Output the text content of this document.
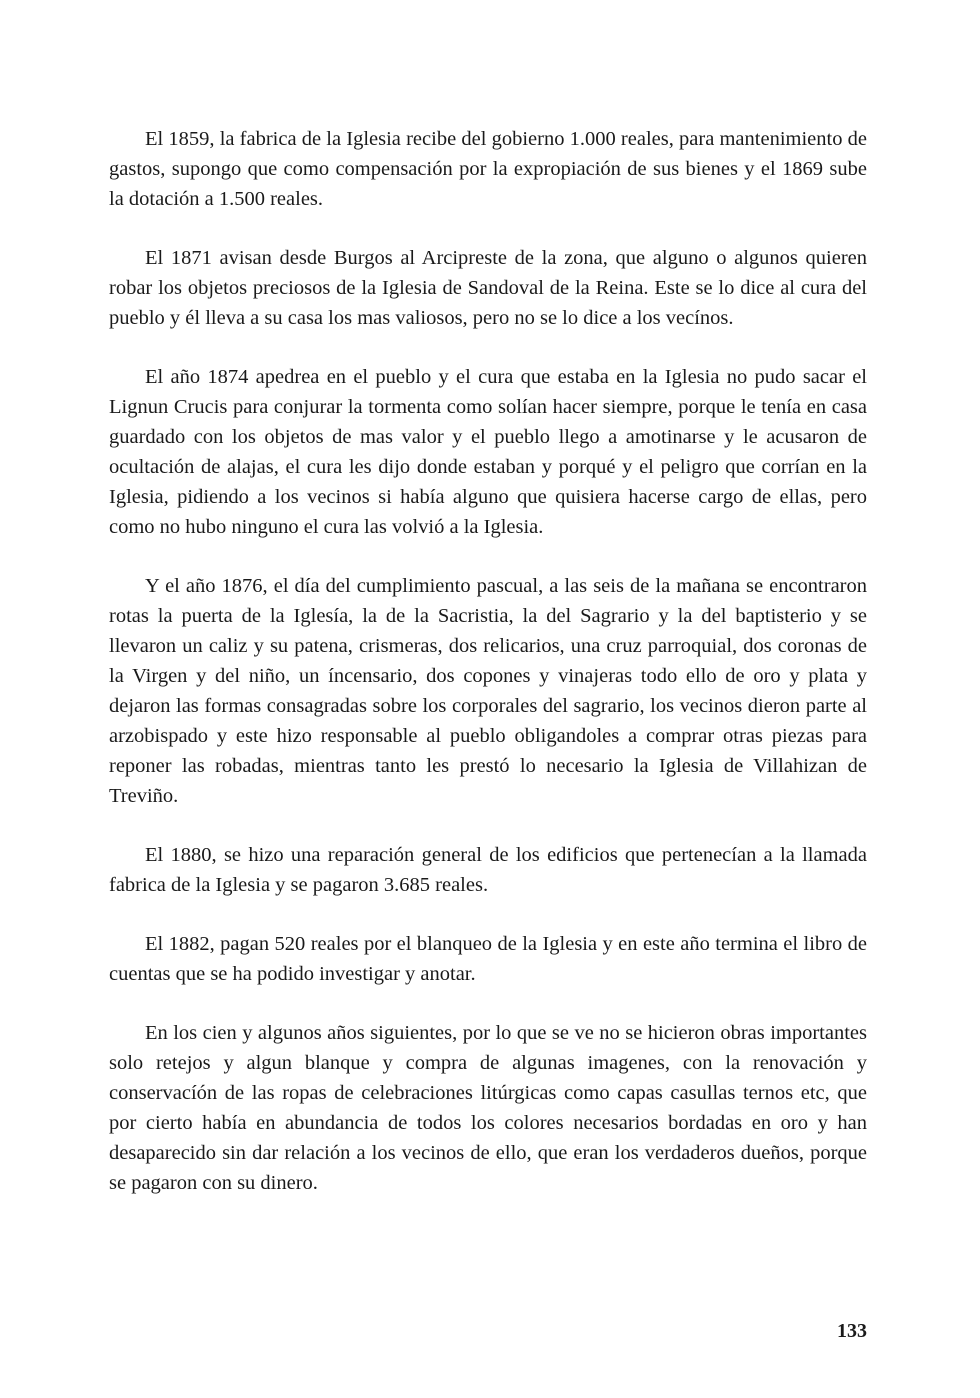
El 1859, la fabrica de la Iglesia recibe del gobierno 1.000 reales, para mantenimiento de gastos, supongo que como compensación por la expropiación de sus bienes y el 1869 sube la dotación a 1.500 reales.

El 1871 avisan desde Burgos al Arcipreste de la zona, que alguno o algunos quieren robar los objetos preciosos de la Iglesia de Sandoval de la Reina. Este se lo dice al cura del pueblo y él lleva a su casa los mas valiosos, pero no se lo dice a los vecínos.

El año 1874 apedrea en el pueblo y el cura que estaba en la Iglesia no pudo sacar el Lignun Crucis para conjurar la tormenta como solían hacer siempre, porque le tenía en casa guardado con los objetos de mas valor y el pueblo llego a amotinarse y le acusaron de ocultación de alajas, el cura les dijo donde estaban y porqué y el peligro que corrían en la Iglesia, pidiendo a los vecinos si había alguno que quisiera hacerse cargo de ellas, pero como no hubo ninguno el cura las volvió a la Iglesia.

Y el año 1876, el día del cumplimiento pascual, a las seis de la mañana se encontraron rotas la puerta de la Iglesía, la de la Sacristia, la del Sagrario y la del baptisterio y se llevaron un caliz y su patena, crismeras, dos relicarios, una cruz parroquial, dos coronas de la Virgen y del niño, un íncensario, dos copones y vinajeras todo ello de oro y plata y dejaron las formas consagradas sobre los corporales del sagrario, los vecinos dieron parte al arzobispado y este hizo responsable al pueblo obligandoles a comprar otras piezas para reponer las robadas, mientras tanto les prestó lo necesario la Iglesia de Villahizan de Treviño.

El 1880, se hizo una reparación general de los edificios que pertenecían a la llamada fabrica de la Iglesia y se pagaron 3.685 reales.

El 1882, pagan 520 reales por el blanqueo de la Iglesia y en este año termina el libro de cuentas que se ha podido investigar y anotar.

En los cien y algunos años siguientes, por lo que se ve no se hicieron obras importantes solo retejos y algun blanque y compra de algunas imagenes, con la renovación y conservacíón de las ropas de celebraciones litúrgicas como capas casullas ternos etc, que por cierto había en abundancia de todos los colores necesarios bordadas en oro y han desaparecido sin dar relación a los vecinos de ello, que eran los verdaderos dueños, porque se pagaron con su dinero.

133
